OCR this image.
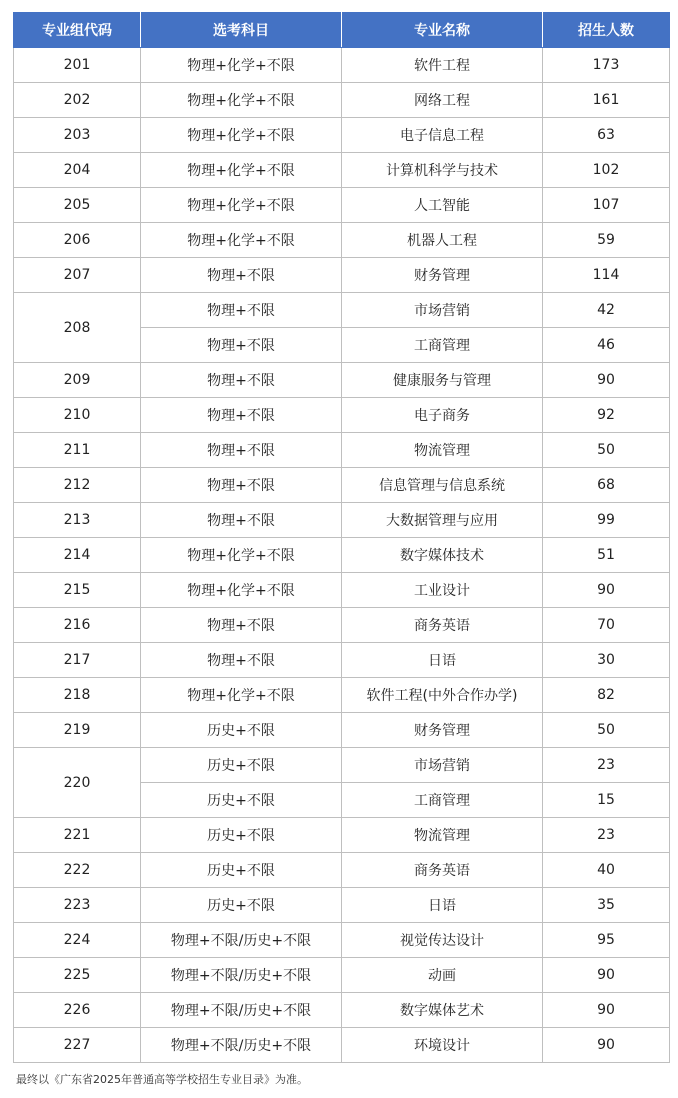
专业组代码	选考科目	专业名称	招生人数
201	物理+化学+不限	软件工程	173
202	物理+化学+不限	网络工程	161
203	物理+化学+不限	电子信息工程	63
204	物理+化学+不限	计算机科学与技术	102
205	物理+化学+不限	人工智能	107
206	物理+化学+不限	机器人工程	59
207	物理+不限	财务管理	114
208	物理+不限	市场营销	42
	物理+不限	工商管理	46
209	物理+不限	健康服务与管理	90
210	物理+不限	电子商务	92
211	物理+不限	物流管理	50
212	物理+不限	信息管理与信息系统	68
213	物理+不限	大数据管理与应用	99
214	物理+化学+不限	数字媒体技术	51
215	物理+化学+不限	工业设计	90
216	物理+不限	商务英语	70
217	物理+不限	日语	30
218	物理+化学+不限	软件工程(中外合作办学)	82
219	历史+不限	财务管理	50
220	历史+不限	市场营销	23
	历史+不限	工商管理	15
221	历史+不限	物流管理	23
222	历史+不限	商务英语	40
223	历史+不限	日语	35
224	物理+不限/历史+不限	视觉传达设计	95
225	物理+不限/历史+不限	动画	90
226	物理+不限/历史+不限	数字媒体艺术	90
227	物理+不限/历史+不限	环境设计	90

最终以《广东省2025年普通高等学校招生专业目录》为准。
